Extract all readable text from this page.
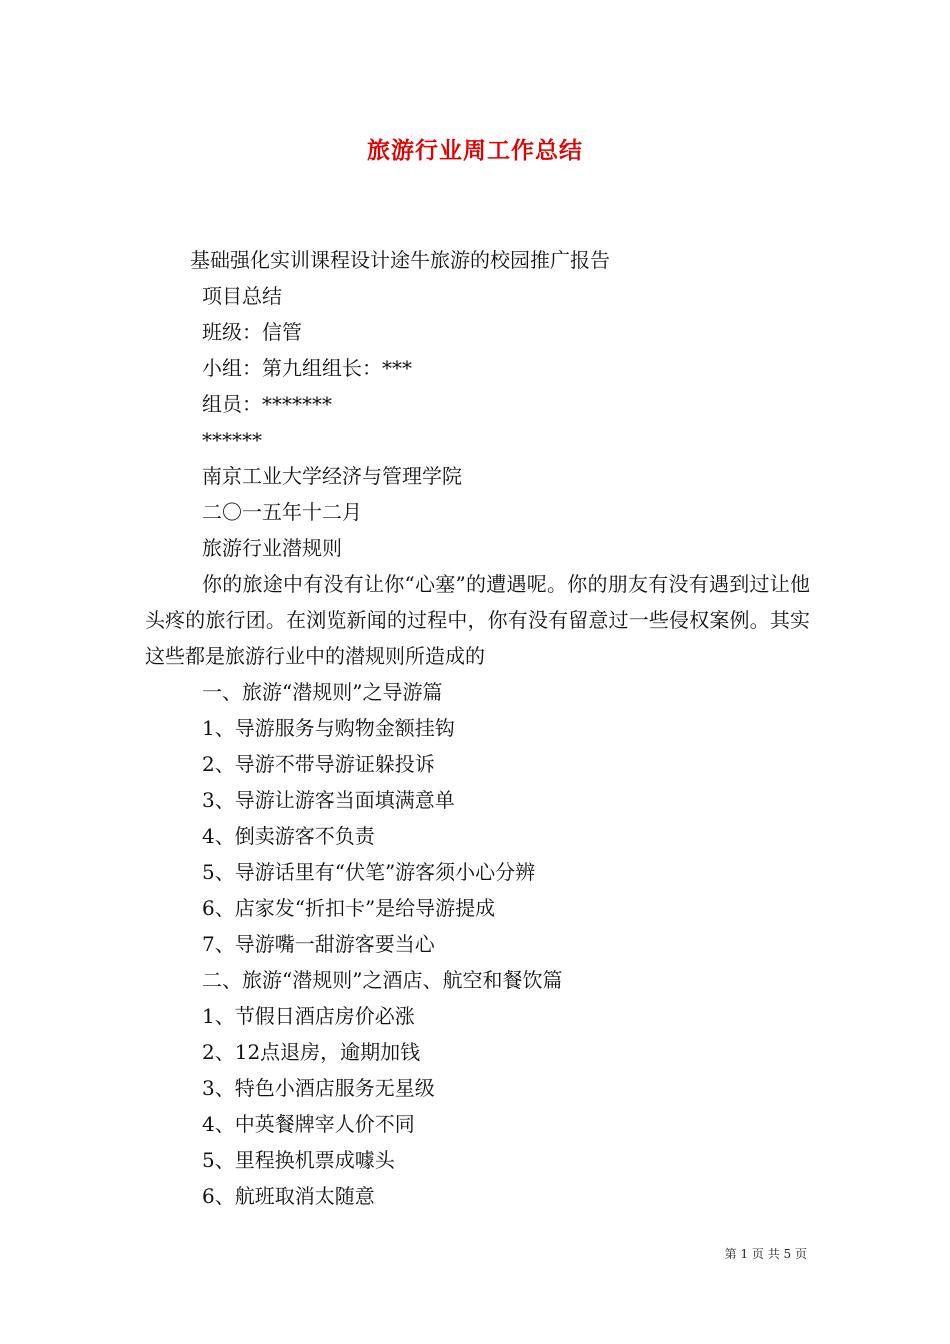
旅游行业周工作总结
基础强化实训课程设计途牛旅游的校园推广报告
项目总结
班级：信管
小组：第九组组长：***
组员：*******
******
南京工业大学经济与管理学院
二〇一五年十二月
旅游行业潜规则
你的旅途中有没有让你“心塞”的遭遇呢。你的朋友有没有遇到过让他头疼的旅行团。在浏览新闻的过程中，你有没有留意过一些侵权案例。其实这些都是旅游行业中的潜规则所造成的
一、旅游“潜规则”之导游篇
1、导游服务与购物金额挂钩
2、导游不带导游证躲投诉
3、导游让游客当面填满意单
4、倒卖游客不负责
5、导游话里有“伏笔”游客须小心分辨
6、店家发“折扣卡”是给导游提成
7、导游嘴一甜游客要当心
二、旅游“潜规则”之酒店、航空和餐饮篇
1、节假日酒店房价必涨
2、12点退房，逾期加钱
3、特色小酒店服务无星级
4、中英餐牌宰人价不同
5、里程换机票成噱头
6、航班取消太随意
第 1 页 共 5 页
